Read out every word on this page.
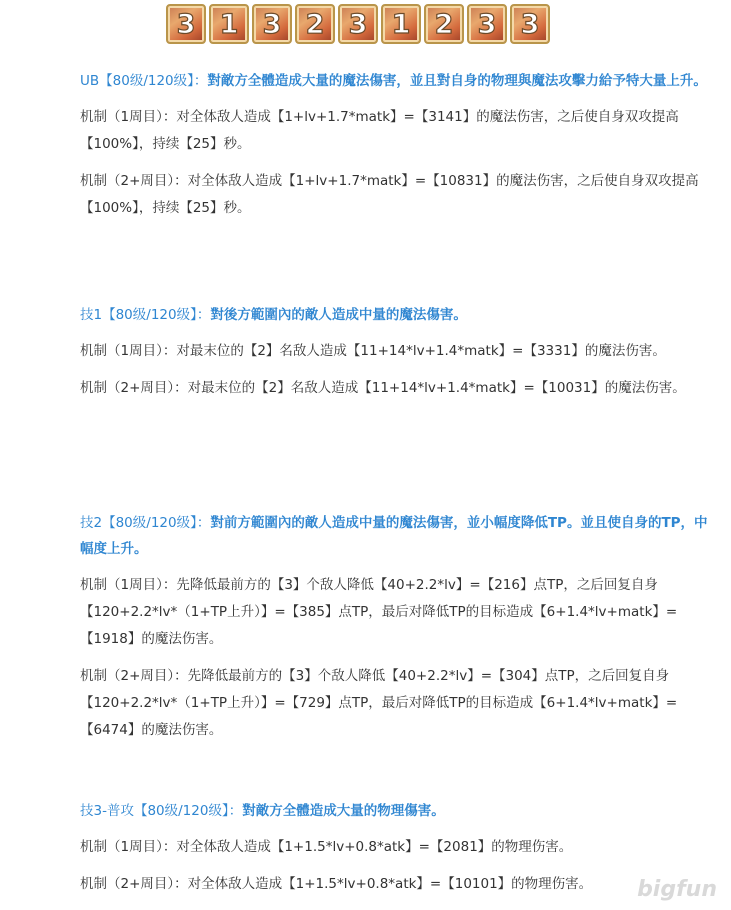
3 1 3 2 3 1 2 3 3
UB【80级/120级】：對敵方全體造成大量的魔法傷害，並且對自身的物理與魔法攻擊力給予特大量上升。

机制（1周目）：对全体敌人造成【1+lv+1.7*matk】=【3141】的魔法伤害，之后使自身双攻提高【100%】，持续【25】秒。

机制（2+周目）：对全体敌人造成【1+lv+1.7*matk】=【10831】的魔法伤害，之后使自身双攻提高【100%】，持续【25】秒。

技1【80级/120级】：對後方範圍內的敵人造成中量的魔法傷害。

机制（1周目）：对最末位的【2】名敌人造成【11+14*lv+1.4*matk】=【3331】的魔法伤害。

机制（2+周目）：对最末位的【2】名敌人造成【11+14*lv+1.4*matk】=【10031】的魔法伤害。

技2【80级/120级】：對前方範圍內的敵人造成中量的魔法傷害，並小幅度降低TP。並且使自身的TP，中幅度上升。

机制（1周目）：先降低最前方的【3】个敌人降低【40+2.2*lv】=【216】点TP，之后回复自身【120+2.2*lv*（1+TP上升）】=【385】点TP，最后对降低TP的目标造成【6+1.4*lv+matk】=【1918】的魔法伤害。

机制（2+周目）：先降低最前方的【3】个敌人降低【40+2.2*lv】=【304】点TP，之后回复自身【120+2.2*lv*（1+TP上升）】=【729】点TP，最后对降低TP的目标造成【6+1.4*lv+matk】=【6474】的魔法伤害。

技3-普攻【80级/120级】：對敵方全體造成大量的物理傷害。

机制（1周目）：对全体敌人造成【1+1.5*lv+0.8*atk】=【2081】的物理伤害。

机制（2+周目）：对全体敌人造成【1+1.5*lv+0.8*atk】=【10101】的物理伤害。	bigfun
